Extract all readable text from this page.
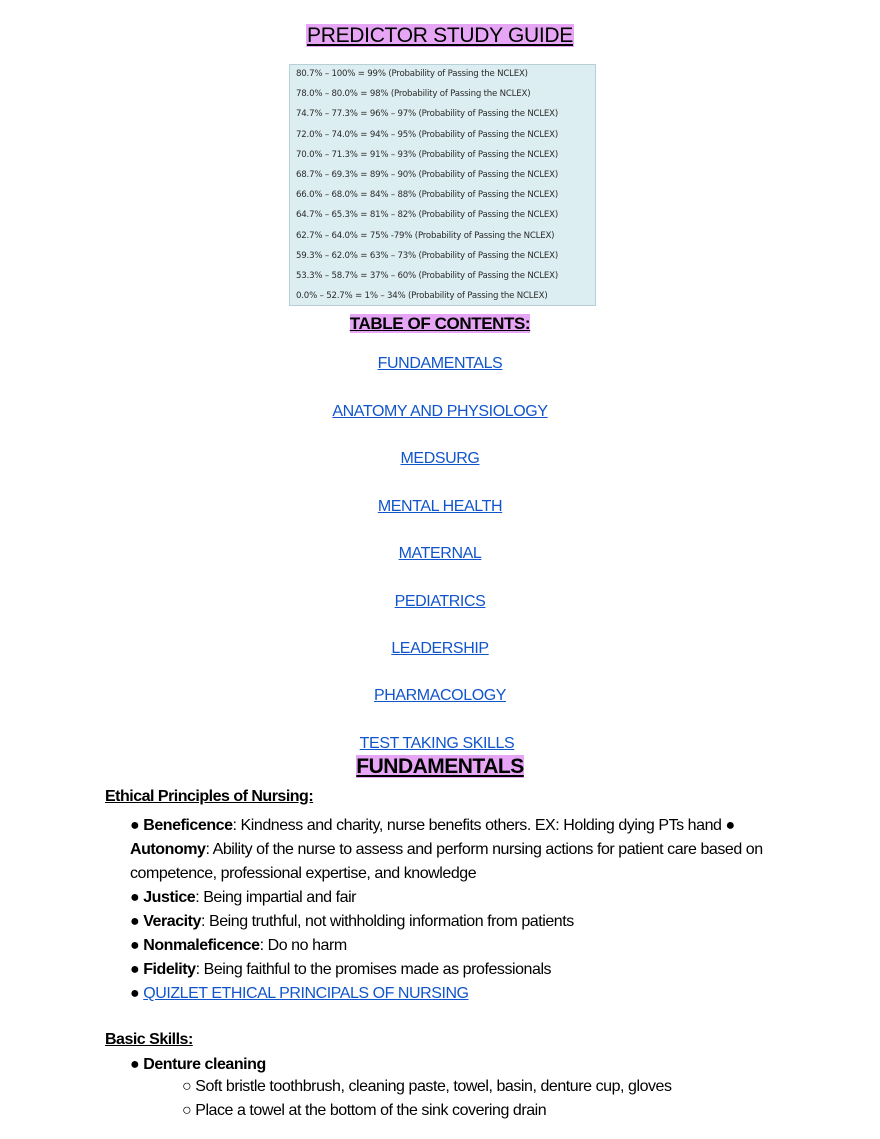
PREDICTOR STUDY GUIDE
80.7% – 100% = 99% (Probability of Passing the NCLEX)
78.0% – 80.0% = 98% (Probability of Passing the NCLEX)
74.7% – 77.3% = 96% – 97% (Probability of Passing the NCLEX)
72.0% – 74.0% = 94% – 95% (Probability of Passing the NCLEX)
70.0% – 71.3% = 91% – 93% (Probability of Passing the NCLEX)
68.7% – 69.3% = 89% – 90% (Probability of Passing the NCLEX)
66.0% – 68.0% = 84% – 88% (Probability of Passing the NCLEX)
64.7% – 65.3% = 81% – 82% (Probability of Passing the NCLEX)
62.7% – 64.0% = 75% -79% (Probability of Passing the NCLEX)
59.3% – 62.0% = 63% – 73% (Probability of Passing the NCLEX)
53.3% – 58.7% = 37% – 60% (Probability of Passing the NCLEX)
0.0% – 52.7% = 1% – 34% (Probability of Passing the NCLEX)
TABLE OF CONTENTS:
FUNDAMENTALS
ANATOMY AND PHYSIOLOGY
MEDSURG
MENTAL HEALTH
MATERNAL
PEDIATRICS
LEADERSHIP
PHARMACOLOGY
TEST TAKING SKILLS
FUNDAMENTALS
Ethical Principles of Nursing:
● Beneficence: Kindness and charity, nurse benefits others. EX: Holding dying PTs hand ●
Autonomy: Ability of the nurse to assess and perform nursing actions for patient care based on
competence, professional expertise, and knowledge
● Justice: Being impartial and fair
● Veracity: Being truthful, not withholding information from patients
● Nonmaleficence: Do no harm
● Fidelity: Being faithful to the promises made as professionals
● QUIZLET ETHICAL PRINCIPALS OF NURSING
Basic Skills:
● Denture cleaning
○ Soft bristle toothbrush, cleaning paste, towel, basin, denture cup, gloves
○ Place a towel at the bottom of the sink covering drain
